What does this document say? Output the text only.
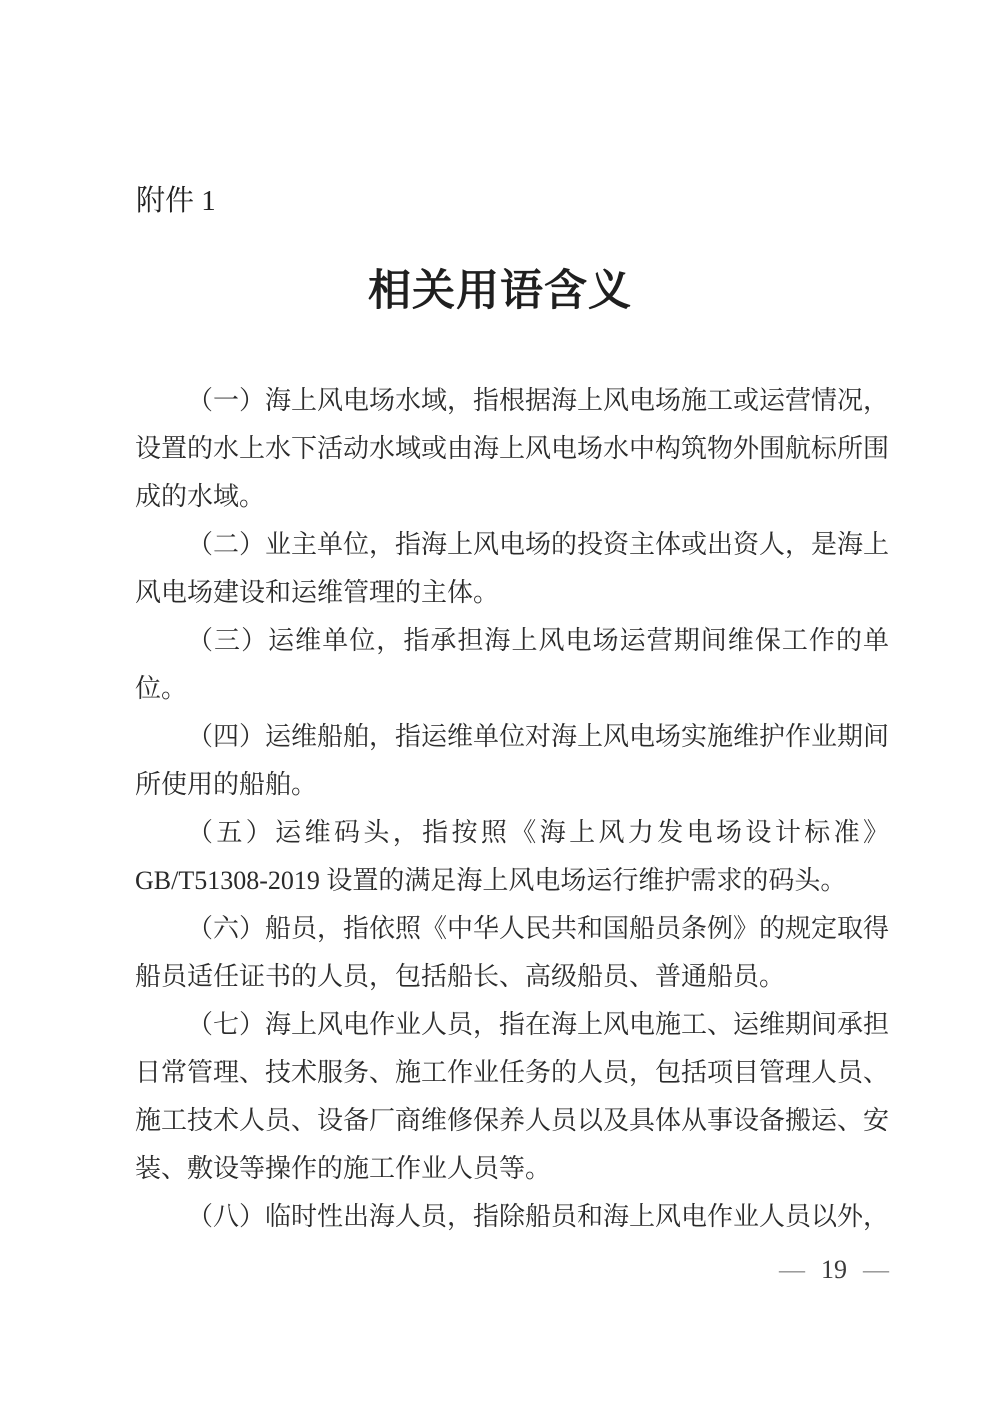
附件 1
相关用语含义

（一）海上风电场水域，指根据海上风电场施工或运营情况，设置的水上水下活动水域或由海上风电场水中构筑物外围航标所围成的水域。

（二）业主单位，指海上风电场的投资主体或出资人，是海上风电场建设和运维管理的主体。

（三）运维单位，指承担海上风电场运营期间维保工作的单位。

（四）运维船舶，指运维单位对海上风电场实施维护作业期间所使用的船舶。

（五）运维码头，指按照《海上风力发电场设计标准》GB/T51308-2019 设置的满足海上风电场运行维护需求的码头。

（六）船员，指依照《中华人民共和国船员条例》的规定取得船员适任证书的人员，包括船长、高级船员、普通船员。

（七）海上风电作业人员，指在海上风电施工、运维期间承担日常管理、技术服务、施工作业任务的人员，包括项目管理人员、施工技术人员、设备厂商维修保养人员以及具体从事设备搬运、安装、敷设等操作的施工作业人员等。

（八）临时性出海人员，指除船员和海上风电作业人员以外，

— 19 —
